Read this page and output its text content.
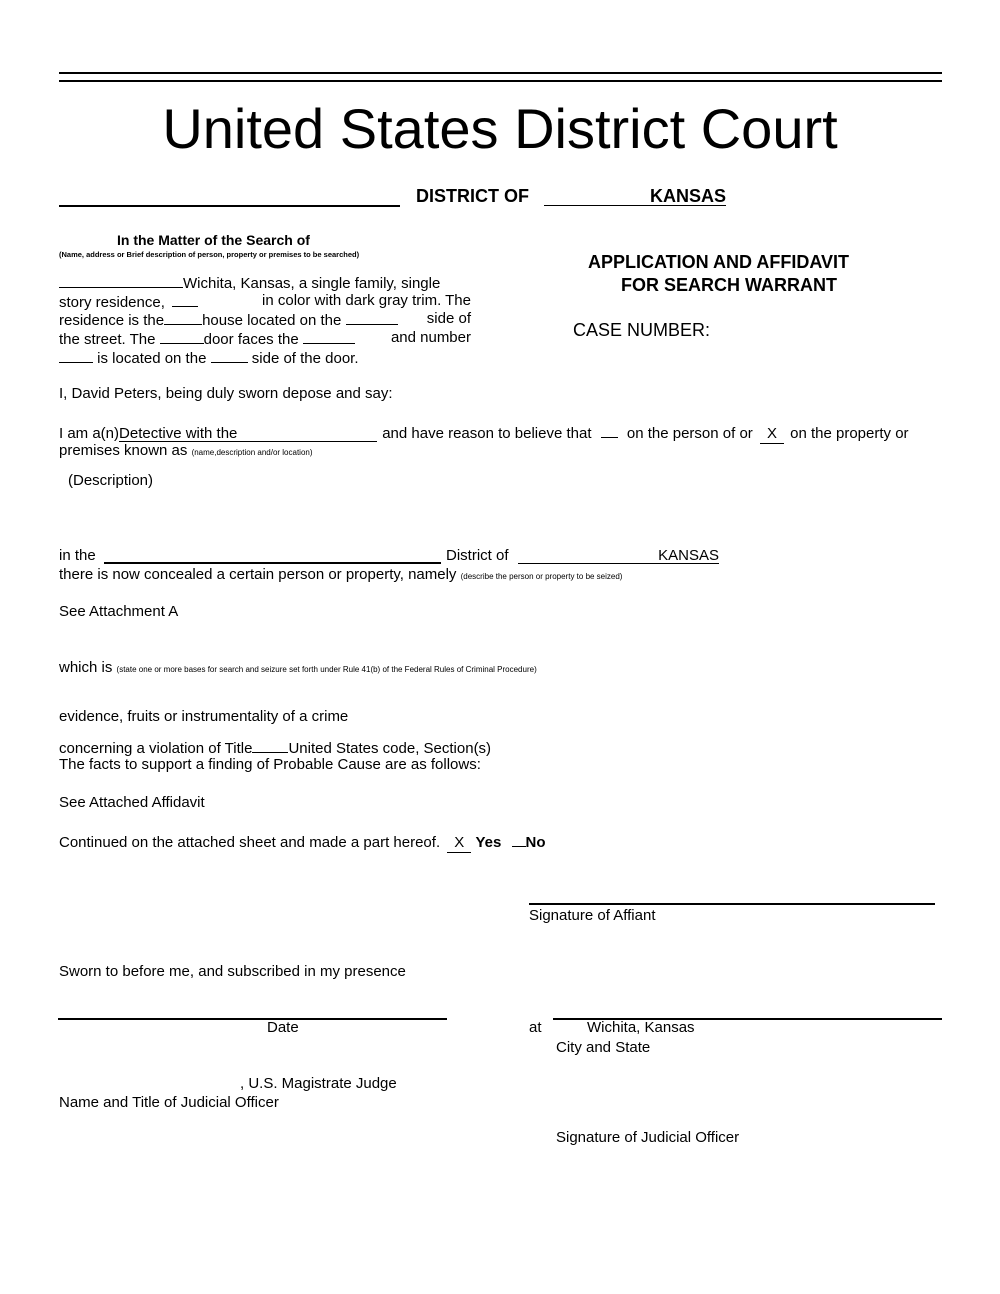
United States District Court
DISTRICT OF	KANSAS
In the Matter of the Search of
(Name, address or Brief description of person, property or premises to be searched)
Wichita, Kansas, a single family, single
story residence,	in color with dark gray trim. The
residence is the	house located on the	side of
the street. The	door faces the	and number
is located on the	side of the door.
APPLICATION AND AFFIDAVIT
FOR SEARCH WARRANT
CASE NUMBER:
I, David Peters, being duly sworn depose and say:
I am a(n)Detective with the	and have reason to believe that on the person of or X on the property or
premises known as (name,description and/or location)
(Description)
in the	District of	KANSAS
there is now concealed a certain person or property, namely (describe the person or property to be seized)
See Attachment A
which is (state one or more bases for search and seizure set forth under Rule 41(b) of the Federal Rules of Criminal Procedure)
evidence, fruits or instrumentality of a crime
concerning a violation of Title United States code, Section(s)
The facts to support a finding of Probable Cause are as follows:
See Attached Affidavit
Continued on the attached sheet and made a part hereof. X Yes No
Signature of Affiant
Sworn to before me, and subscribed in my presence
Date	at	Wichita, Kansas
City and State
, U.S. Magistrate Judge
Name and Title of Judicial Officer
Signature of Judicial Officer
